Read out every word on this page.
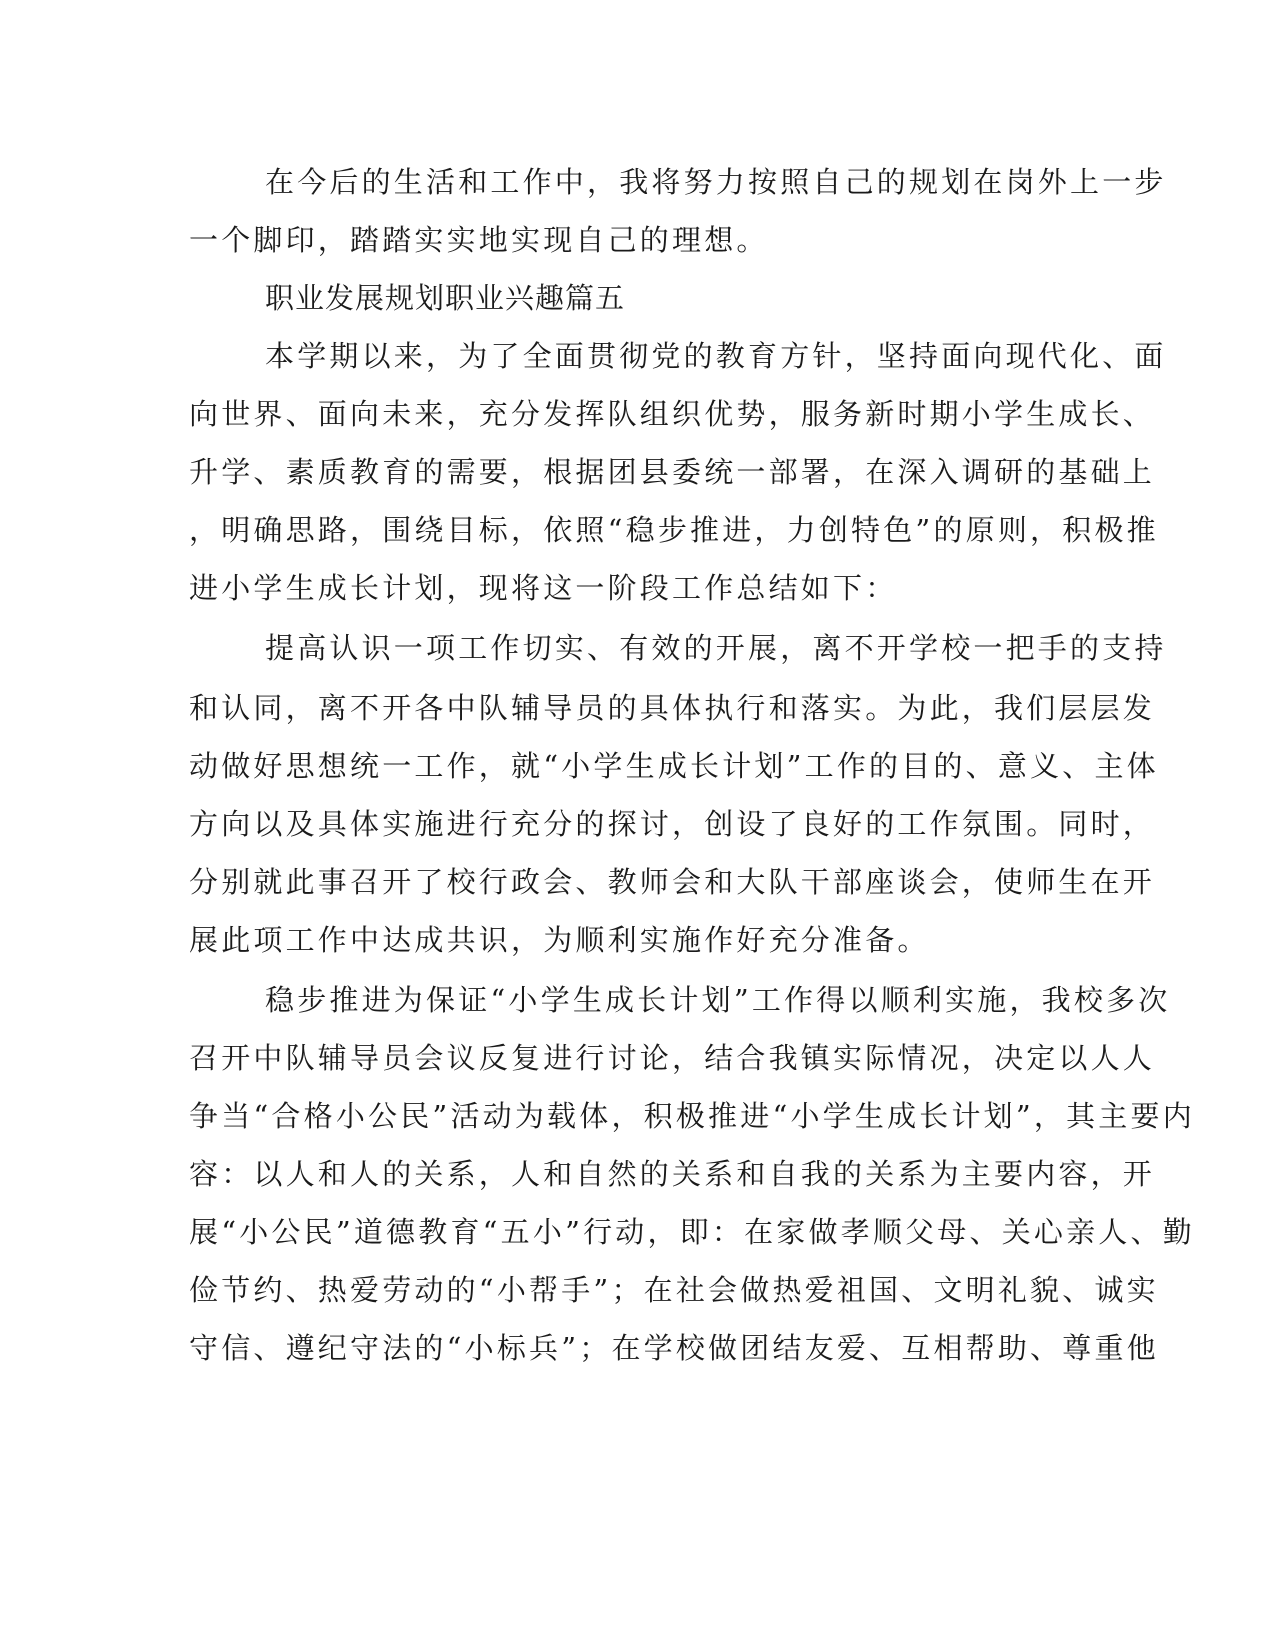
在今后的生活和工作中，我将努力按照自己的规划在岗外上一步
一个脚印，踏踏实实地实现自己的理想。
职业发展规划职业兴趣篇五
本学期以来，为了全面贯彻党的教育方针，坚持面向现代化、面
向世界、面向未来，充分发挥队组织优势，服务新时期小学生成长、
升学、素质教育的需要，根据团县委统一部署，在深入调研的基础上
，明确思路，围绕目标，依照“稳步推进，力创特色”的原则，积极推
进小学生成长计划，现将这一阶段工作总结如下：
提高认识一项工作切实、有效的开展，离不开学校一把手的支持
和认同，离不开各中队辅导员的具体执行和落实。为此，我们层层发
动做好思想统一工作，就“小学生成长计划”工作的目的、意义、主体
方向以及具体实施进行充分的探讨，创设了良好的工作氛围。同时，
分别就此事召开了校行政会、教师会和大队干部座谈会，使师生在开
展此项工作中达成共识，为顺利实施作好充分准备。
稳步推进为保证“小学生成长计划”工作得以顺利实施，我校多次
召开中队辅导员会议反复进行讨论，结合我镇实际情况，决定以人人
争当“合格小公民”活动为载体，积极推进“小学生成长计划”，其主要内
容：以人和人的关系，人和自然的关系和自我的关系为主要内容，开
展“小公民”道德教育“五小”行动，即：在家做孝顺父母、关心亲人、勤
俭节约、热爱劳动的“小帮手”；在社会做热爱祖国、文明礼貌、诚实
守信、遵纪守法的“小标兵”；在学校做团结友爱、互相帮助、尊重他
